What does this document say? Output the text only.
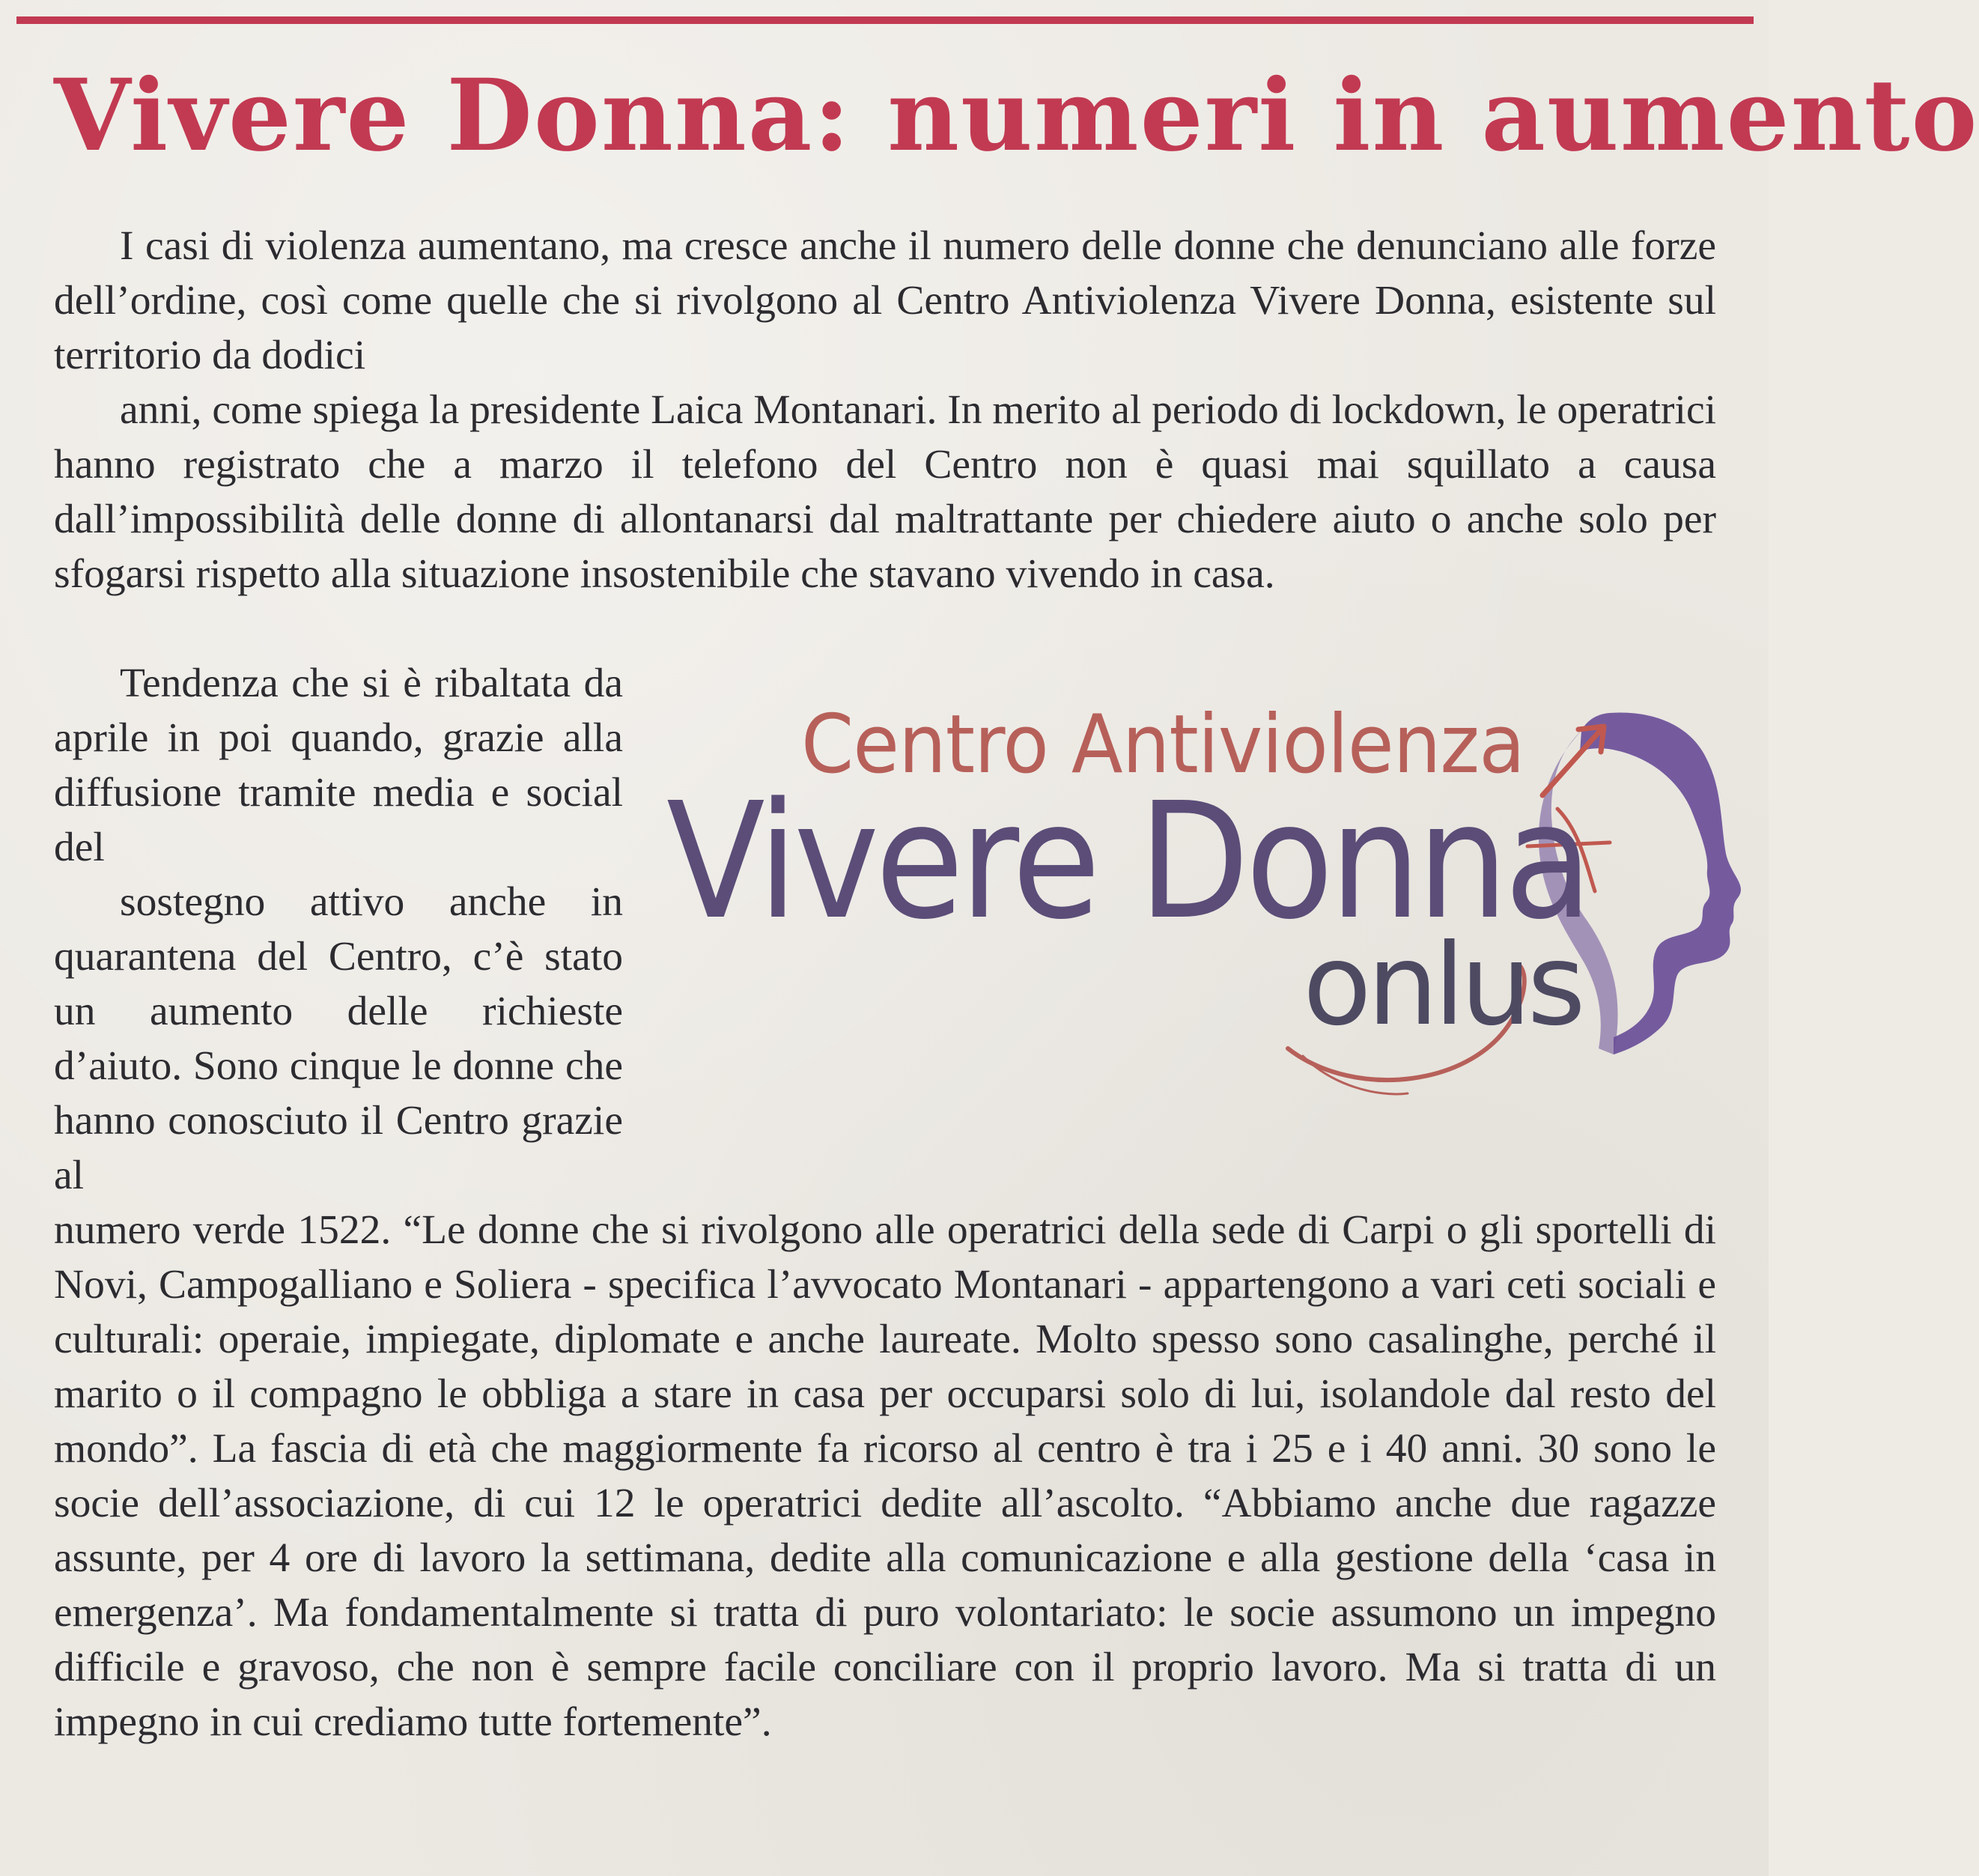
Vivere Donna: numeri in aumento

I casi di violenza aumentano, ma cresce anche il numero delle donne che denunciano alle forze dell’ordine, così come quelle che si rivolgono al Centro Antiviolenza Vivere Donna, esistente sul territorio da dodici

anni, come spiega la presidente Laica Montanari. In merito al periodo di lockdown, le operatrici hanno registrato che a marzo il telefono del Centro non è quasi mai squillato a causa dall’impossibilità delle donne di allontanarsi dal maltrattante per chiedere aiuto o anche solo per sfogarsi rispetto alla situazione insostenibile che stavano vivendo in casa.

Tendenza che si è ribaltata da aprile in poi quando, grazie alla diffusione tramite media e social del

sostegno attivo anche in quarantena del Centro, c’è stato un aumento delle richieste d’aiuto. Sono cinque le donne che hanno conosciuto il Centro grazie al

Centro Antiviolenza
Vivere Donna
onlus

numero verde 1522. “Le donne che si rivolgono alle operatrici della sede di Carpi o gli sportelli di Novi, Campogalliano e Soliera - specifica l’avvocato Montanari - appartengono a vari ceti sociali e culturali: operaie, impiegate, diplomate e anche laureate. Molto spesso sono casalinghe, perché il marito o il compagno le obbliga a stare in casa per occuparsi solo di lui, isolandole dal resto del mondo”. La fascia di età che maggiormente fa ricorso al centro è tra i 25 e i 40 anni. 30 sono le socie dell’associazione, di cui 12 le operatrici dedite all’ascolto. “Abbiamo anche due ragazze assunte, per 4 ore di lavoro la settimana, dedite alla comunicazione e alla gestione della ‘casa in emergenza’. Ma fondamentalmente si tratta di puro volontariato: le socie assumono un impegno difficile e gravoso, che non è sempre facile conciliare con il proprio lavoro. Ma si tratta di un impegno in cui crediamo tutte fortemente”.
